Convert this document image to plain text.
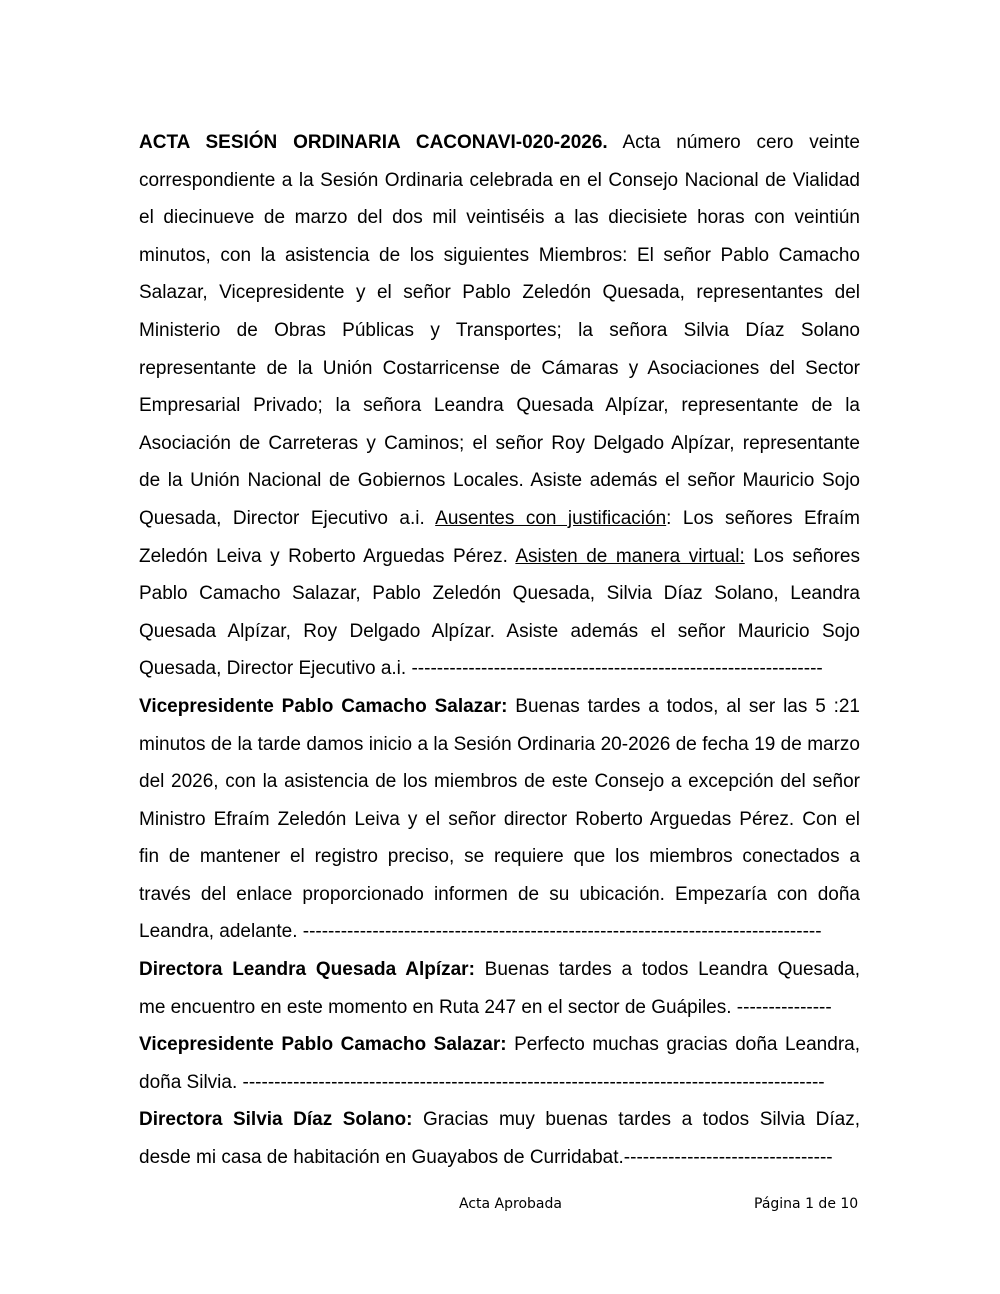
ACTA SESIÓN ORDINARIA CACONAVI-020-2026. Acta número cero veinte
correspondiente a la Sesión Ordinaria celebrada en el Consejo Nacional de Vialidad
el diecinueve de marzo del dos mil veintiséis a las diecisiete horas con veintiún
minutos, con la asistencia de los siguientes Miembros: El señor Pablo Camacho
Salazar, Vicepresidente y el señor Pablo Zeledón Quesada, representantes del
Ministerio de Obras Públicas y Transportes; la señora Silvia Díaz Solano
representante de la Unión Costarricense de Cámaras y Asociaciones del Sector
Empresarial Privado; la señora Leandra Quesada Alpízar, representante de la
Asociación de Carreteras y Caminos; el señor Roy Delgado Alpízar, representante
de la Unión Nacional de Gobiernos Locales. Asiste además el señor Mauricio Sojo
Quesada, Director Ejecutivo a.i. Ausentes con justificación: Los señores Efraím
Zeledón Leiva y Roberto Arguedas Pérez. Asisten de manera virtual: Los señores
Pablo Camacho Salazar, Pablo Zeledón Quesada, Silvia Díaz Solano, Leandra
Quesada Alpízar, Roy Delgado Alpízar. Asiste además el señor Mauricio Sojo
Quesada, Director Ejecutivo a.i. -----------------------------------------------------------------
Vicepresidente Pablo Camacho Salazar: Buenas tardes a todos, al ser las 5 :21
minutos de la tarde damos inicio a la Sesión Ordinaria 20-2026 de fecha 19 de marzo
del 2026, con la asistencia de los miembros de este Consejo a excepción del señor
Ministro Efraím Zeledón Leiva y el señor director Roberto Arguedas Pérez. Con el
fin de mantener el registro preciso, se requiere que los miembros conectados a
través del enlace proporcionado informen de su ubicación. Empezaría con doña
Leandra, adelante. ----------------------------------------------------------------------------------
Directora Leandra Quesada Alpízar: Buenas tardes a todos Leandra Quesada,
me encuentro en este momento en Ruta 247 en el sector de Guápiles. ---------------
Vicepresidente Pablo Camacho Salazar: Perfecto muchas gracias doña Leandra,
doña Silvia. --------------------------------------------------------------------------------------------
Directora Silvia Díaz Solano: Gracias muy buenas tardes a todos Silvia Díaz,
desde mi casa de habitación en Guayabos de Curridabat.---------------------------------
Acta Aprobada	Página 1 de 10
